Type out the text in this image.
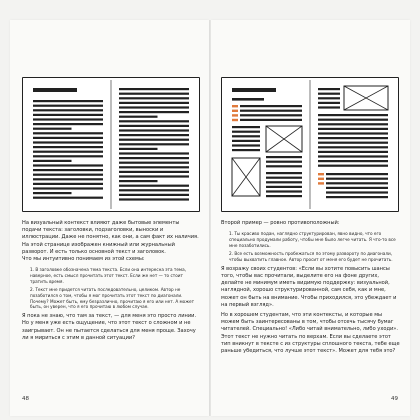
На визуальный контекст влияют даже бытовые элементы подачи текста: заголовки, подзаголовки, выноски и иллюстрации. Даже не понятно, как они, а сам факт их наличия.

На этой странице изображен книжный или журнальный разворот. И есть только основной текст и заголовок.

Что мы интуитивно понимаем из этой схемы:

1. В заголовке обозначена тема текста. Если она интересна эта тема, наверное, есть смысл прочитать этот текст. Если же нет — то стоит тратить время.

2. Текст мне придется читать последовательно, целиком. Автор не позаботился о том, чтобы я мог прочитать этот текст по диагонали. Почему? Может быть, ему безразлично, прочитаю я его или нет. А может быть, он уверен, что я его прочитаю в любом случае.

Я пока не знаю, что там за текст, — для меня это просто линии. Но у меня уже есть ощущение, что этот текст о сложном и не заигрывает. Он не пытается сделаться для меня проще. Захочу ли я мириться с этим в данной ситуации?

48

Второй пример — ровно противоположный:

1. Ты красиво подан, наглядно структурирован, явно видно, что его специально продумали работу, чтобы мне было легче читать. Я что-то все мне позаботились.

2. Все есть возможность пробежаться по этому развороту по диагонали, чтобы выхватить главное. Автор просит от меня его будет не прочитать.

Я возражу своих студентов: «Если вы хотите повысить шансы того, чтобы вас прочитали, выделите его на фоне других, делайте не минимум иметь видимую поддержку: визуальной, наглядной, хорошо структурированной, сам себя, как и мне, может он быть на внимание. Чтобы приходился, это убеждает и на первый взгляд».

Но в хорошем студентам, что эти контексты, и которые мы можем быть заинтересованы в том, чтобы отсечь тысячу бумаг читателей. Специально! «Либо читай внимательно, либо уходи». Этот текст не нужно читать по верхам. Если вы сделаете этот тип вникнут в тексте с из структуры сплошного текста, тебе еще раньше убедиться, что лучше этот текст». Может для тебя это?

49
